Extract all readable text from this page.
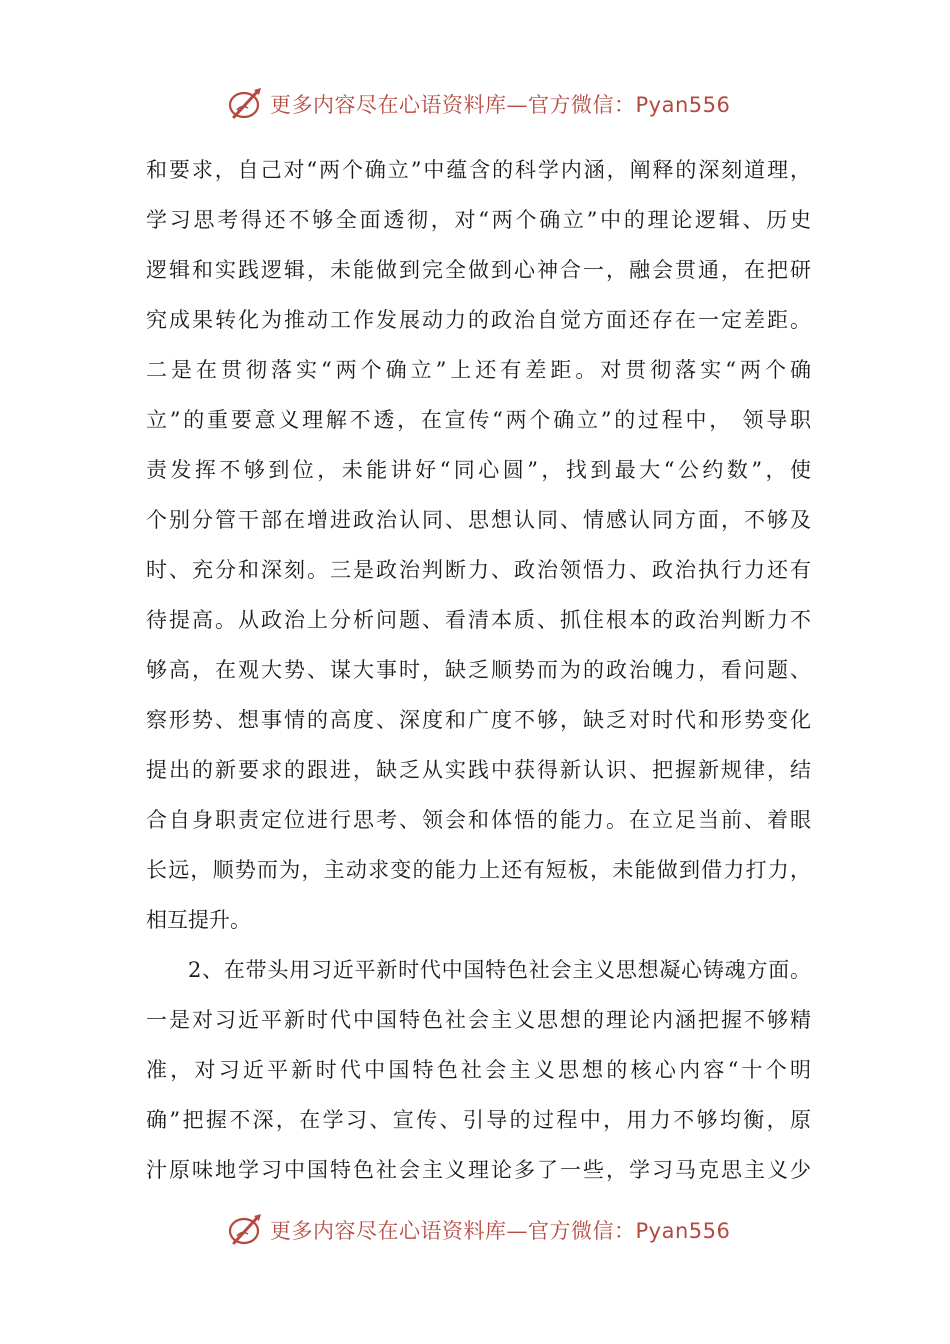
更多内容尽在心语资料库—官方微信：Pyan556
和要求，自己对“两个确立”中蕴含的科学内涵，阐释的深刻道理，
学习思考得还不够全面透彻，对“两个确立”中的理论逻辑、历史
逻辑和实践逻辑，未能做到完全做到心神合一，融会贯通，在把研
究成果转化为推动工作发展动力的政治自觉方面还存在一定差距。
二是在贯彻落实“两个确立”上还有差距。对贯彻落实“两个确
立”的重要意义理解不透，在宣传“两个确立”的过程中， 领导职
责发挥不够到位，未能讲好“同心圆”，找到最大“公约数”，使
个别分管干部在增进政治认同、思想认同、情感认同方面，不够及
时、充分和深刻。三是政治判断力、政治领悟力、政治执行力还有
待提高。从政治上分析问题、看清本质、抓住根本的政治判断力不
够高，在观大势、谋大事时，缺乏顺势而为的政治魄力，看问题、
察形势、想事情的高度、深度和广度不够，缺乏对时代和形势变化
提出的新要求的跟进，缺乏从实践中获得新认识、把握新规律，结
合自身职责定位进行思考、领会和体悟的能力。在立足当前、着眼
长远，顺势而为，主动求变的能力上还有短板，未能做到借力打力，
相互提升。
2、在带头用习近平新时代中国特色社会主义思想凝心铸魂方面。
一是对习近平新时代中国特色社会主义思想的理论内涵把握不够精
准，对习近平新时代中国特色社会主义思想的核心内容“十个明
确”把握不深，在学习、宣传、引导的过程中，用力不够均衡，原
汁原味地学习中国特色社会主义理论多了一些，学习马克思主义少
更多内容尽在心语资料库—官方微信：Pyan556
